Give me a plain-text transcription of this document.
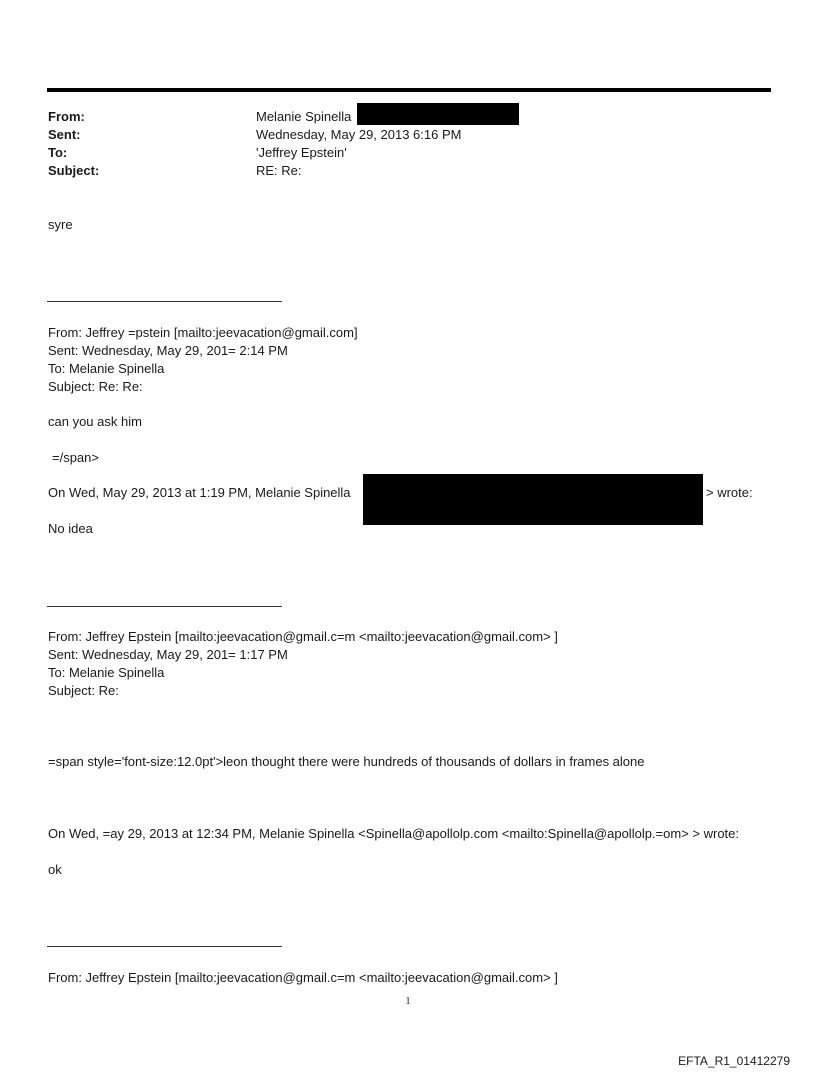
From:
Sent:
To:
Subject:
Melanie Spinella
Wednesday, May 29, 2013 6:16 PM
'Jeffrey Epstein'
RE: Re:
syre
From: Jeffrey =pstein [mailto:jeevacation@gmail.com]
Sent: Wednesday, May 29, 201= 2:14 PM
To: Melanie Spinella
Subject: Re: Re:
can you ask him
=/span>
On Wed, May 29, 2013 at 1:19 PM, Melanie Spinella	> wrote:
No idea
From: Jeffrey Epstein [mailto:jeevacation@gmail.c=m <mailto:jeevacation@gmail.com> ]
Sent: Wednesday, May 29, 201= 1:17 PM
To: Melanie Spinella
Subject: Re:
=span style='font-size:12.0pt'>leon thought there were hundreds of thousands of dollars in frames alone
On Wed, =ay 29, 2013 at 12:34 PM, Melanie Spinella <Spinella@apollolp.com <mailto:Spinella@apollolp.=om> > wrote:
ok
From: Jeffrey Epstein [mailto:jeevacation@gmail.c=m <mailto:jeevacation@gmail.com> ]
1
EFTA_R1_01412279
